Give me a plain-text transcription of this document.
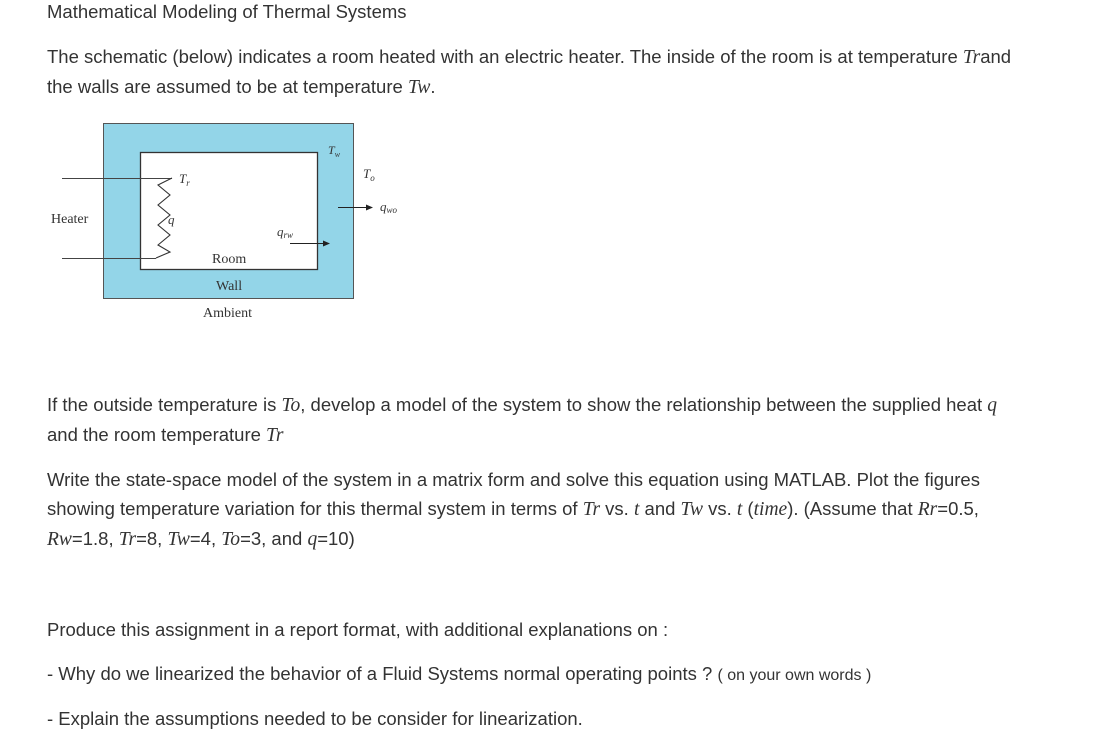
Mathematical Modeling of Thermal Systems
The schematic (below) indicates a room heated with an electric heater. The inside of the room is at temperature Trand
the walls are assumed to be at temperature Tw.
Heater	q
$T_r$
$T_w$
$T_o$
qrw
qwo
Room
Wall
Ambient
If the outside temperature is To, develop a model of the system to show the relationship between the supplied heat q
and the room temperature Tr
Write the state-space model of the system in a matrix form and solve this equation using MATLAB. Plot the figures
showing temperature variation for this thermal system in terms of Tr vs. t and Tw vs. t (time). (Assume that Rr=0.5,
Rw=1.8, Tr=8, Tw=4, To=3, and q=10)
Produce this assignment in a report format, with additional explanations on :
- Why do we linearized the behavior of a Fluid Systems normal operating points ? ( on your own words )
- Explain the assumptions needed to be consider for linearization.
